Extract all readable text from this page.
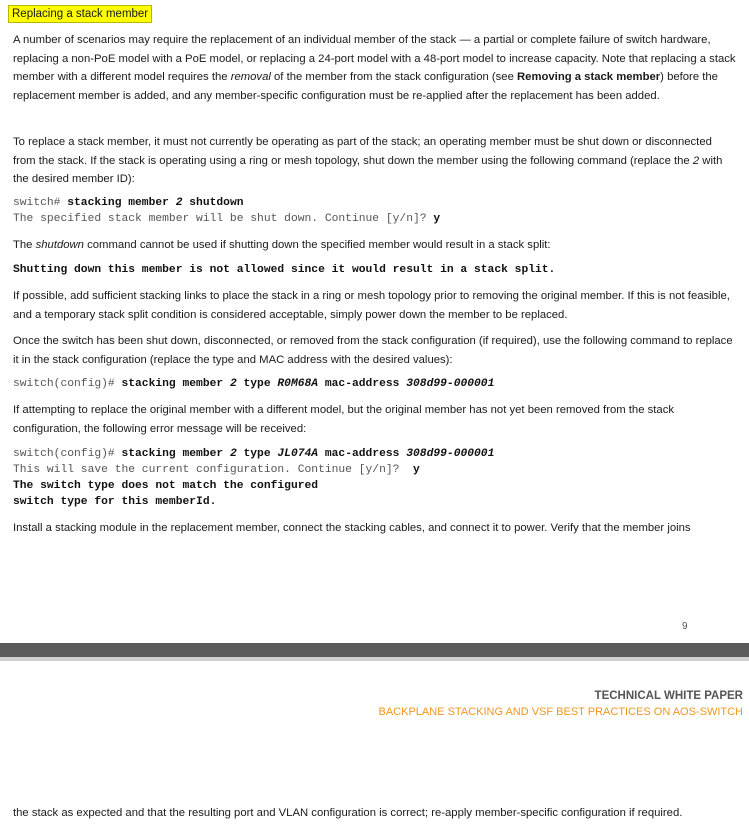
Replacing a stack member
A number of scenarios may require the replacement of an individual member of the stack — a partial or complete failure of switch hardware, replacing a non-PoE model with a PoE model, or replacing a 24-port model with a 48-port model to increase capacity. Note that replacing a stack member with a different model requires the removal of the member from the stack configuration (see Removing a stack member) before the replacement member is added, and any member-specific configuration must be re-applied after the replacement has been added.
To replace a stack member, it must not currently be operating as part of the stack; an operating member must be shut down or disconnected from the stack. If the stack is operating using a ring or mesh topology, shut down the member using the following command (replace the 2 with the desired member ID):
switch# stacking member 2 shutdown
The specified stack member will be shut down. Continue [y/n]? y
The shutdown command cannot be used if shutting down the specified member would result in a stack split:
Shutting down this member is not allowed since it would result in a stack split.
If possible, add sufficient stacking links to place the stack in a ring or mesh topology prior to removing the original member. If this is not feasible, and a temporary stack split condition is considered acceptable, simply power down the member to be replaced.
Once the switch has been shut down, disconnected, or removed from the stack configuration (if required), use the following command to replace it in the stack configuration (replace the type and MAC address with the desired values):
switch(config)# stacking member 2 type R0M68A mac-address 308d99-000001
If attempting to replace the original member with a different model, but the original member has not yet been removed from the stack configuration, the following error message will be received:
switch(config)# stacking member 2 type JL074A mac-address 308d99-000001
This will save the current configuration. Continue [y/n]?  y
The switch type does not match the configured
switch type for this memberId.
Install a stacking module in the replacement member, connect the stacking cables, and connect it to power. Verify that the member joins
9
TECHNICAL WHITE PAPER
BACKPLANE STACKING AND VSF BEST PRACTICES ON AOS-SWITCH
the stack as expected and that the resulting port and VLAN configuration is correct; re-apply member-specific configuration if required.
